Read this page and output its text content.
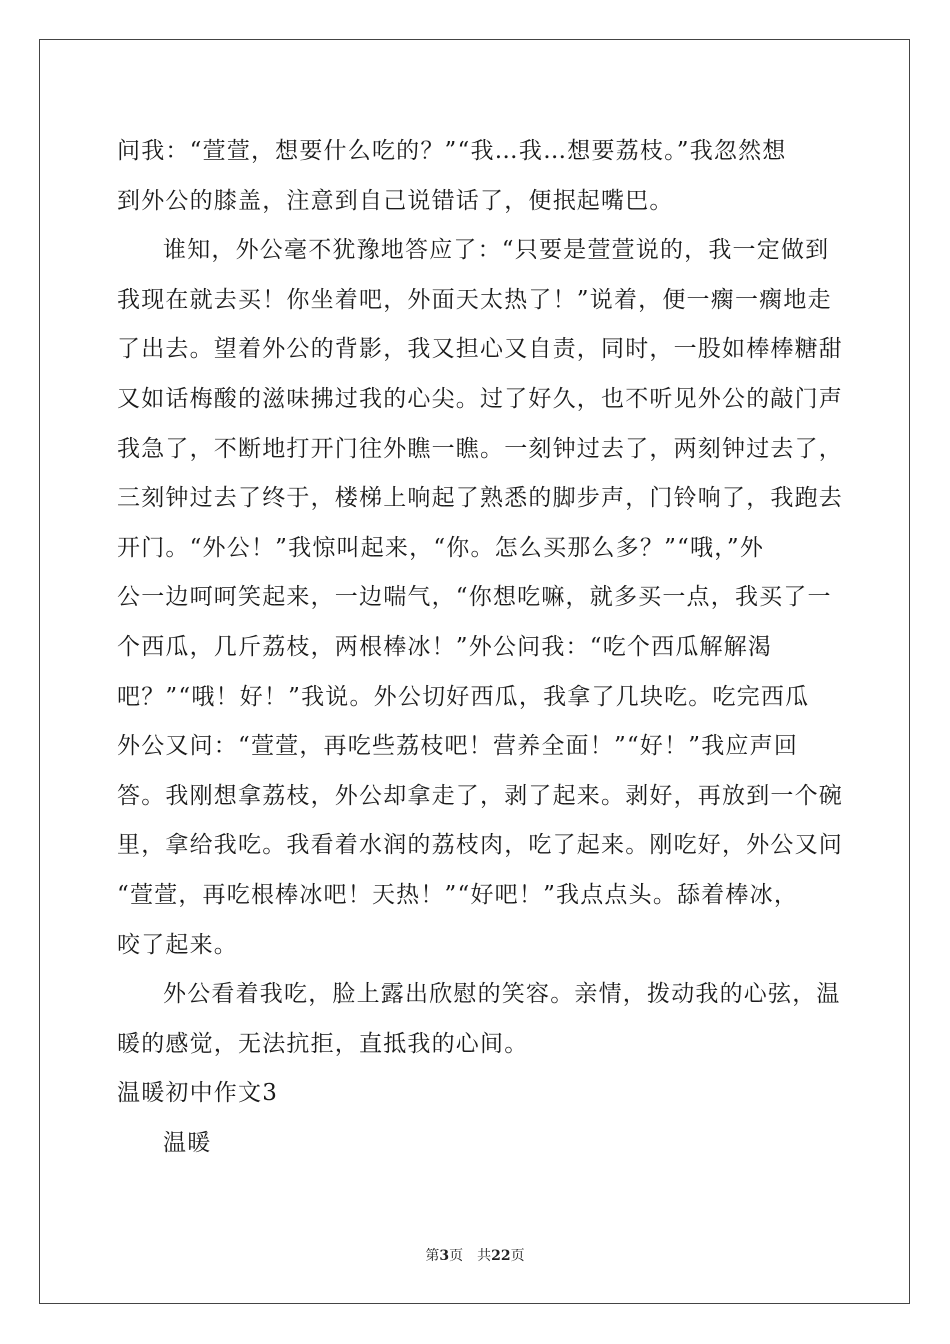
问我：“萱萱，想要什么吃的？”“我…我…想要荔枝。”我忽然想
到外公的膝盖，注意到自己说错话了，便抿起嘴巴。
谁知，外公毫不犹豫地答应了：“只要是萱萱说的，我一定做到
我现在就去买！你坐着吧，外面天太热了！”说着，便一瘸一瘸地走
了出去。望着外公的背影，我又担心又自责，同时，一股如棒棒糖甜
又如话梅酸的滋味拂过我的心尖。过了好久，也不听见外公的敲门声
我急了，不断地打开门往外瞧一瞧。一刻钟过去了，两刻钟过去了，
三刻钟过去了终于，楼梯上响起了熟悉的脚步声，门铃响了，我跑去
开门。“外公！”我惊叫起来，“你。怎么买那么多？”“哦，”外
公一边呵呵笑起来，一边喘气，“你想吃嘛，就多买一点，我买了一
个西瓜，几斤荔枝，两根棒冰！”外公问我：“吃个西瓜解解渴
吧？”“哦！好！”我说。外公切好西瓜，我拿了几块吃。吃完西瓜
外公又问：“萱萱，再吃些荔枝吧！营养全面！”“好！”我应声回
答。我刚想拿荔枝，外公却拿走了，剥了起来。剥好，再放到一个碗
里，拿给我吃。我看着水润的荔枝肉，吃了起来。刚吃好，外公又问
“萱萱，再吃根棒冰吧！天热！”“好吧！”我点点头。舔着棒冰，
咬了起来。
外公看着我吃，脸上露出欣慰的笑容。亲情，拨动我的心弦，温
暖的感觉，无法抗拒，直抵我的心间。
温暖初中作文3
温暖
第3页 共22页
